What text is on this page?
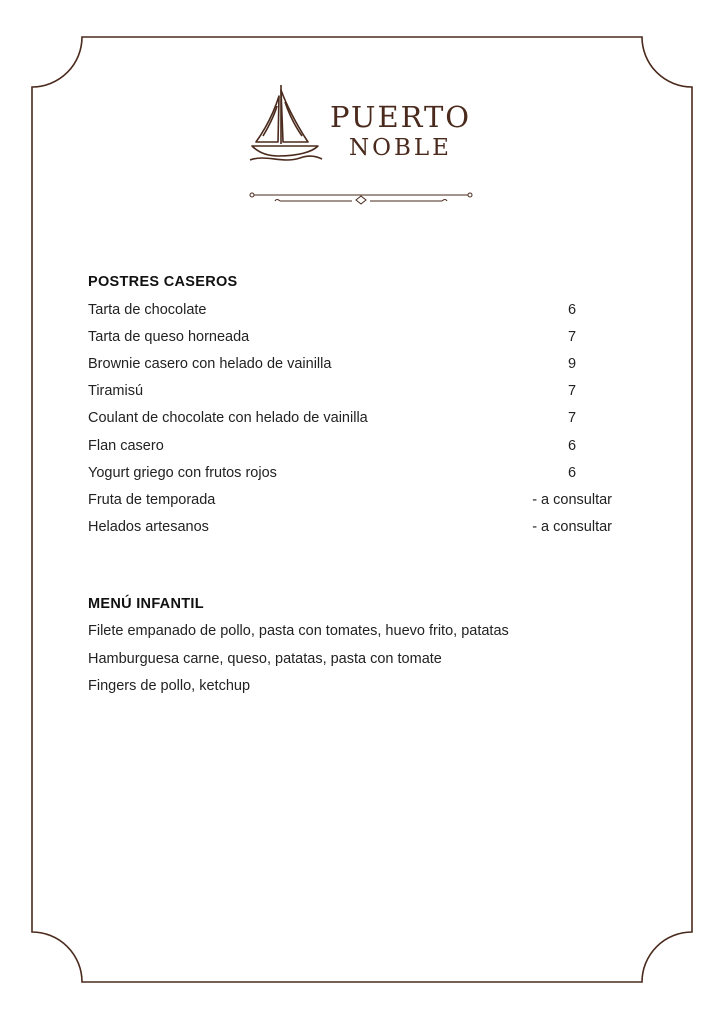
PUERTO
NOBLE
POSTRES CASEROS
Tarta de chocolate	6
Tarta de queso horneada	7
Brownie casero con helado de vainilla	9
Tiramisú	7
Coulant de chocolate con helado de vainilla	7
Flan casero	6
Yogurt griego con frutos rojos	6
Fruta de temporada	- a consultar
Helados artesanos	- a consultar
MENÚ INFANTIL
Filete empanado de pollo, pasta con tomates, huevo frito, patatas
Hamburguesa carne, queso, patatas, pasta con tomate
Fingers de pollo, ketchup
